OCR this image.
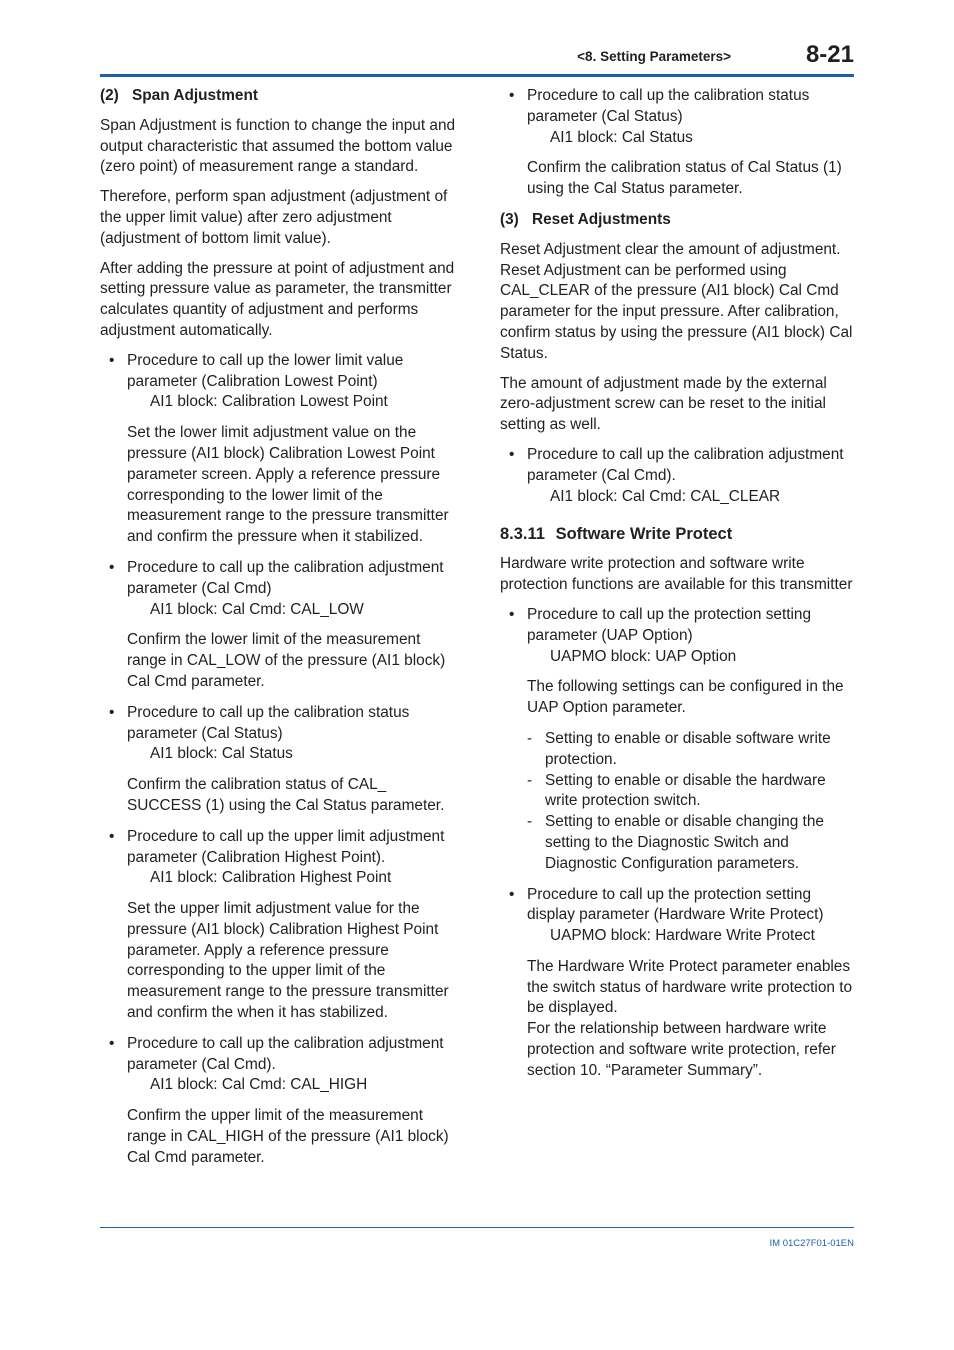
<8. Setting Parameters>	8-21
(2) Span Adjustment

Span Adjustment is function to change the input and output characteristic that assumed the bottom value (zero point) of measurement range a standard.

Therefore, perform span adjustment (adjustment of the upper limit value) after zero adjustment (adjustment of bottom limit value).

After adding the pressure at point of adjustment and setting pressure value as parameter, the transmitter calculates quantity of adjustment and performs adjustment automatically.

• Procedure to call up the lower limit value parameter (Calibration Lowest Point)
AI1 block: Calibration Lowest Point
Set the lower limit adjustment value on the pressure (AI1 block) Calibration Lowest Point parameter screen. Apply a reference pressure corresponding to the lower limit of the measurement range to the pressure transmitter and confirm the pressure when it stabilized.
• Procedure to call up the calibration adjustment parameter (Cal Cmd)
AI1 block: Cal Cmd: CAL_LOW
Confirm the lower limit of the measurement range in CAL_LOW of the pressure (AI1 block) Cal Cmd parameter.
• Procedure to call up the calibration status parameter (Cal Status)
AI1 block: Cal Status
Confirm the calibration status of CAL_ SUCCESS (1) using the Cal Status parameter.
• Procedure to call up the upper limit adjustment parameter (Calibration Highest Point).
AI1 block: Calibration Highest Point
Set the upper limit adjustment value for the pressure (AI1 block) Calibration Highest Point parameter. Apply a reference pressure corresponding to the upper limit of the measurement range to the pressure transmitter and confirm the when it has stabilized.
• Procedure to call up the calibration adjustment parameter (Cal Cmd).
AI1 block: Cal Cmd: CAL_HIGH
Confirm the upper limit of the measurement range in CAL_HIGH of the pressure (AI1 block) Cal Cmd parameter.
• Procedure to call up the calibration status parameter (Cal Status)
AI1 block: Cal Status
Confirm the calibration status of Cal Status (1) using the Cal Status parameter.
(3) Reset Adjustments

Reset Adjustment clear the amount of adjustment. Reset Adjustment can be performed using CAL_CLEAR of the pressure (AI1 block) Cal Cmd parameter for the input pressure. After calibration, confirm status by using the pressure (AI1 block) Cal Status.

The amount of adjustment made by the external zero-adjustment screw can be reset to the initial setting as well.

• Procedure to call up the calibration adjustment parameter (Cal Cmd).
AI1 block: Cal Cmd: CAL_CLEAR
8.3.11 Software Write Protect

Hardware write protection and software write protection functions are available for this transmitter

• Procedure to call up the protection setting parameter (UAP Option)
UAPMO block: UAP Option
The following settings can be configured in the UAP Option parameter.
- Setting to enable or disable software write protection.
- Setting to enable or disable the hardware write protection switch.
- Setting to enable or disable changing the setting to the Diagnostic Switch and Diagnostic Configuration parameters.
• Procedure to call up the protection setting display parameter (Hardware Write Protect)
UAPMO block: Hardware Write Protect
The Hardware Write Protect parameter enables the switch status of hardware write protection to be displayed.
For the relationship between hardware write protection and software write protection, refer section 10. “Parameter Summary”.
IM 01C27F01-01EN
